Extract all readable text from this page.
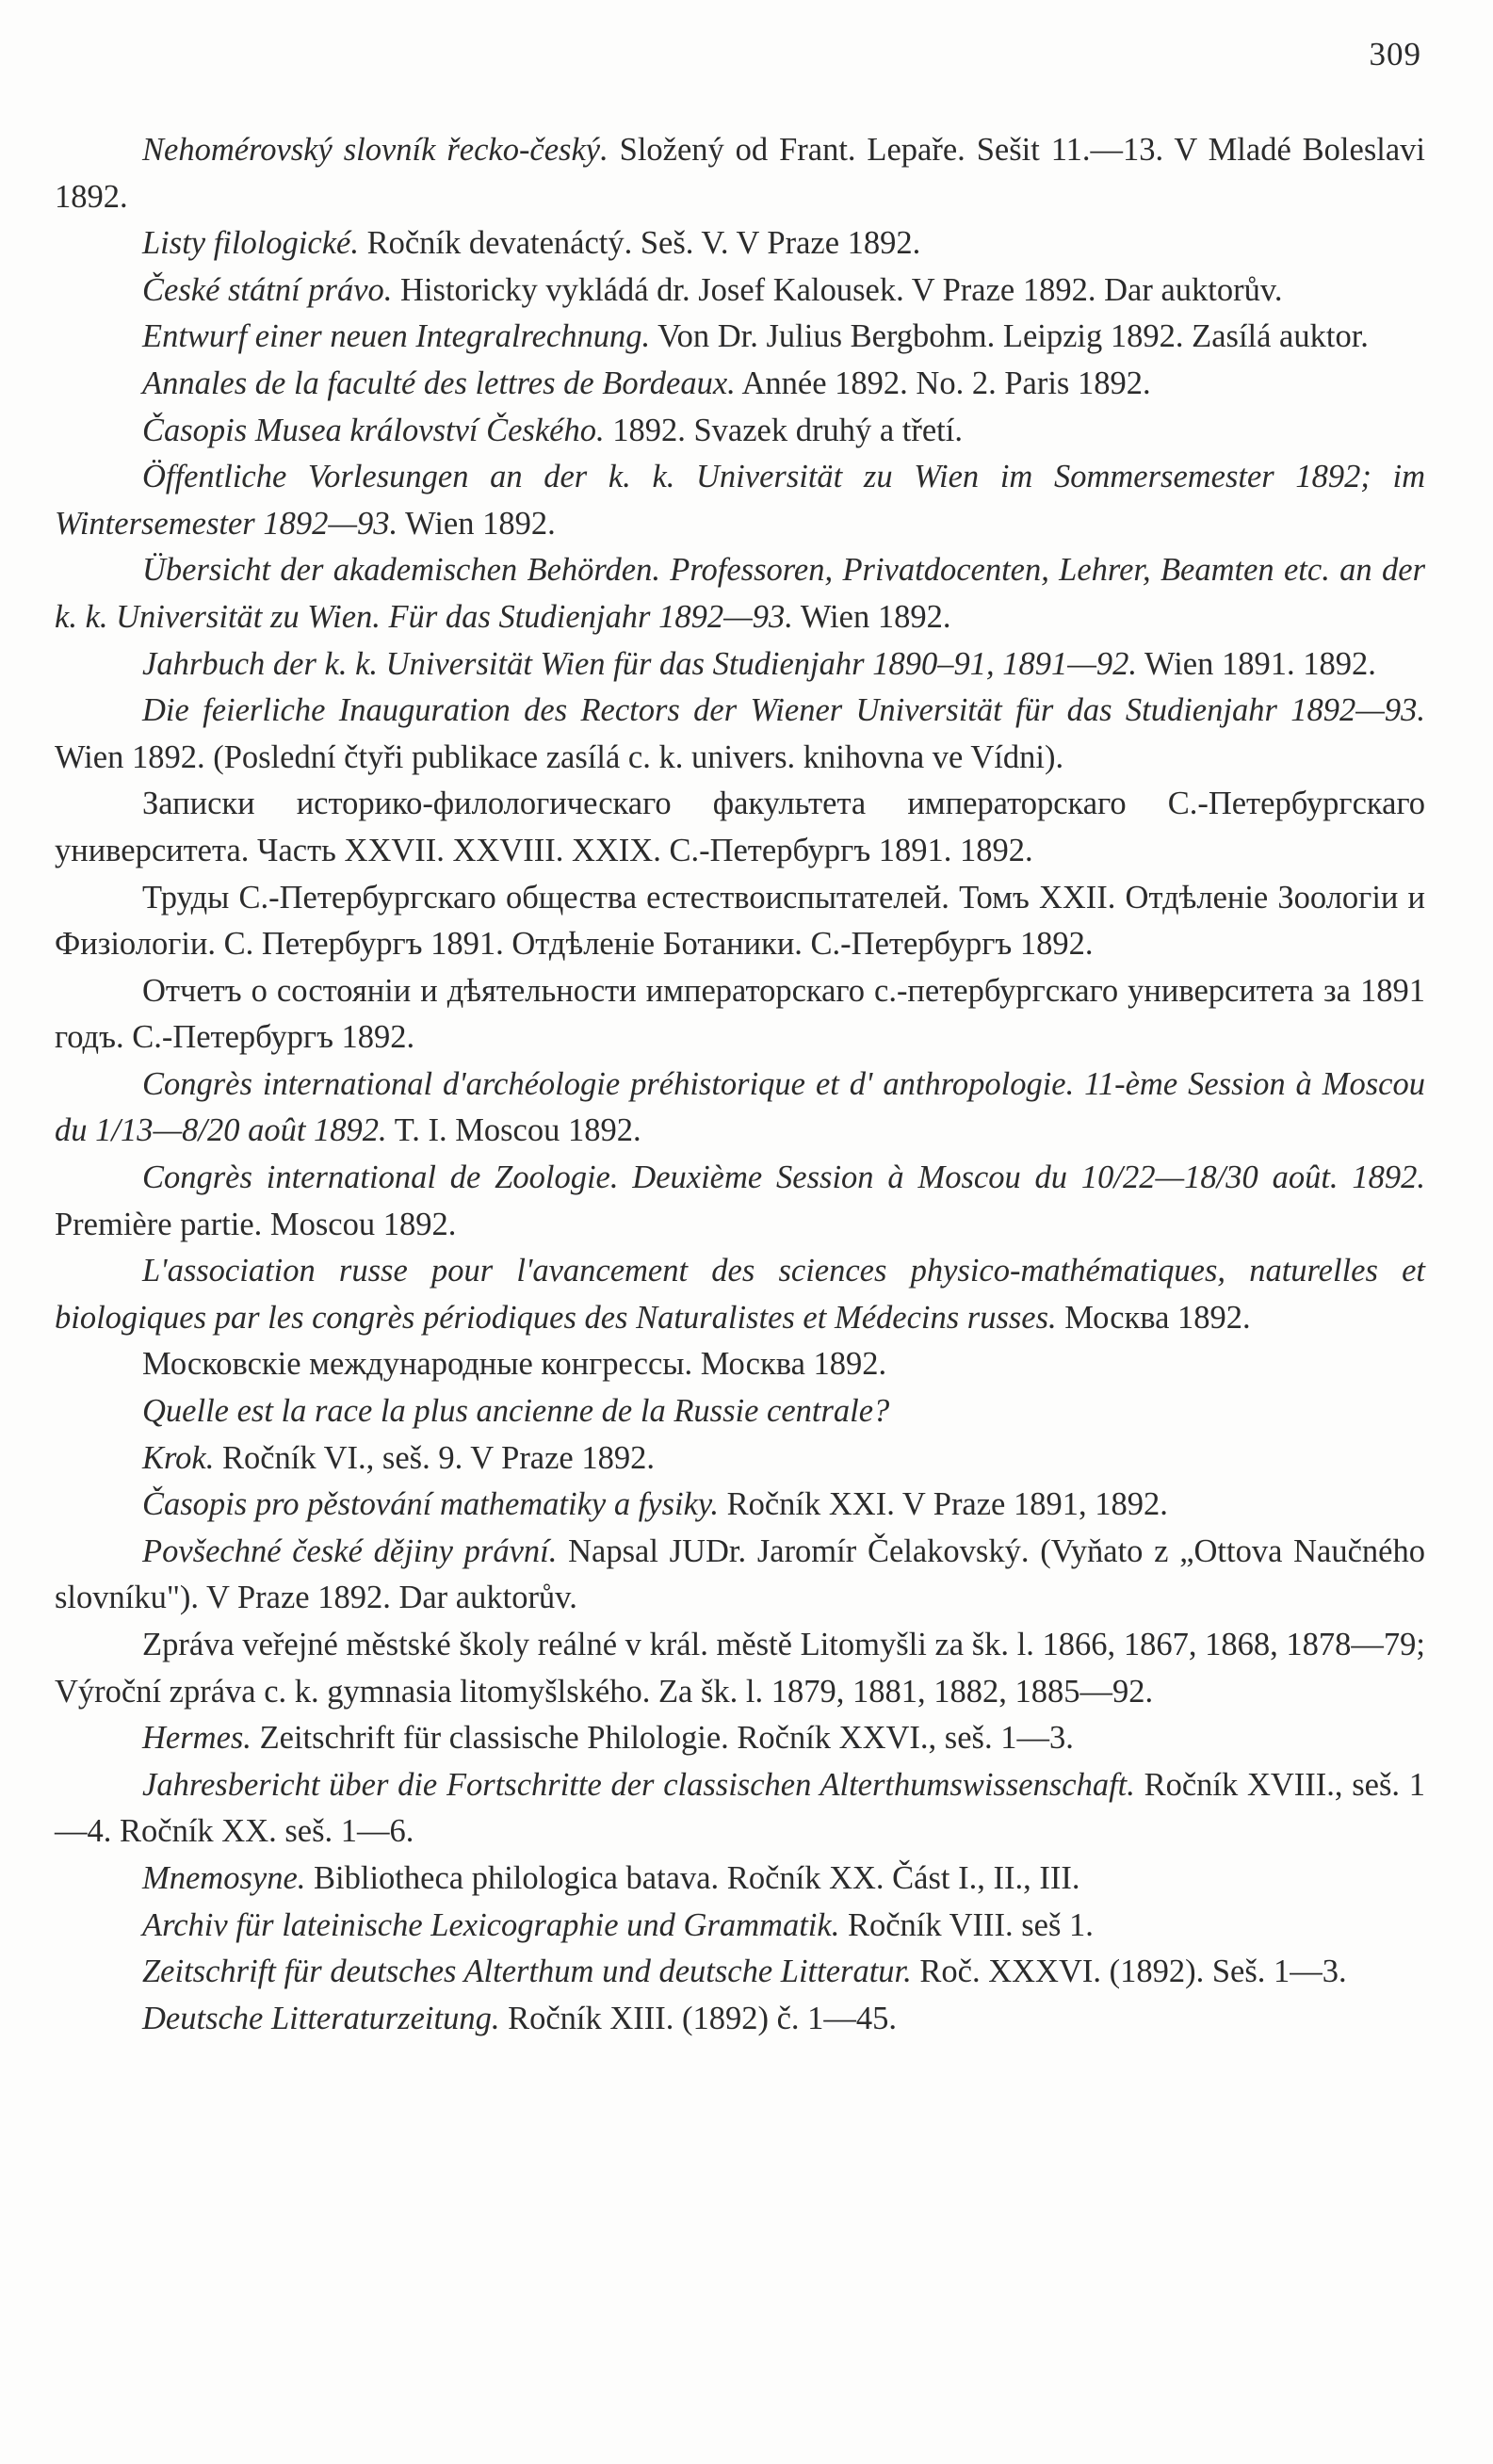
309
Nehomérovský slovník řecko-český. Složený od Frant. Lepaře. Sešit 11.—13. V Mladé Boleslavi 1892.
Listy filologické. Ročník devatenáctý. Seš. V. V Praze 1892.
České státní právo. Historicky vykládá dr. Josef Kalousek. V Praze 1892. Dar auktorův.
Entwurf einer neuen Integralrechnung. Von Dr. Julius Bergbohm. Leipzig 1892. Zasílá auktor.
Annales de la faculté des lettres de Bordeaux. Année 1892. No. 2. Paris 1892.
Časopis Musea království Českého. 1892. Svazek druhý a třetí.
Öffentliche Vorlesungen an der k. k. Universität zu Wien im Sommersemester 1892; im Wintersemester 1892—93. Wien 1892.
Übersicht der akademischen Behörden. Professoren, Privatdocenten, Lehrer, Beamten etc. an der k. k. Universität zu Wien. Für das Studienjahr 1892—93. Wien 1892.
Jahrbuch der k. k. Universität Wien für das Studienjahr 1890–91, 1891—92. Wien 1891. 1892.
Die feierliche Inauguration des Rectors der Wiener Universität für das Studienjahr 1892—93. Wien 1892. (Poslední čtyři publikace zasílá c. k. univers. knihovna ve Vídni).
Записки историко-филологическаго факультета императорскаго С.-Петербургскаго университета. Часть XXVII. XXVIII. XXIX. С.-Петербургъ 1891. 1892.
Труды С.-Петербургскаго общества естествоиспытателей. Томъ XXII. Отдѣленіе Зоологіи и Физіологіи. С. Петербургъ 1891. Отдѣленіе Ботаники. С.-Петербургъ 1892.
Отчетъ о состояніи и дѣятельности императорскаго с.-петербургскаго университета за 1891 годъ. С.-Петербургъ 1892.
Congrès international d'archéologie préhistorique et d' anthropologie. 11-ème Session à Moscou du 1/13—8/20 août 1892. T. I. Moscou 1892.
Congrès international de Zoologie. Deuxième Session à Moscou du 10/22—18/30 août. 1892. Première partie. Moscou 1892.
L'association russe pour l'avancement des sciences physico-mathématiques, naturelles et biologiques par les congrès périodiques des Naturalistes et Médecins russes. Москва 1892.
Московскіе международные конгрессы. Москва 1892.
Quelle est la race la plus ancienne de la Russie centrale?
Krok. Ročník VI., seš. 9. V Praze 1892.
Časopis pro pěstování mathematiky a fysiky. Ročník XXI. V Praze 1891, 1892.
Povšechné české dějiny právní. Napsal JUDr. Jaromír Čelakovský. (Vyňato z „Ottova Naučného slovníku"). V Praze 1892. Dar auktorův.
Zpráva veřejné městské školy reálné v král. městě Litomyšli za šk. l. 1866, 1867, 1868, 1878—79; Výroční zpráva c. k. gymnasia litomyšlského. Za šk. l. 1879, 1881, 1882, 1885—92.
Hermes. Zeitschrift für classische Philologie. Ročník XXVI., seš. 1—3.
Jahresbericht über die Fortschritte der classischen Alterthumswissenschaft. Ročník XVIII., seš. 1—4. Ročník XX. seš. 1—6.
Mnemosyne. Bibliotheca philologica batava. Ročník XX. Část I., II., III.
Archiv für lateinische Lexicographie und Grammatik. Ročník VIII. seš 1.
Zeitschrift für deutsches Alterthum und deutsche Litteratur. Roč. XXXVI. (1892). Seš. 1—3.
Deutsche Litteraturzeitung. Ročník XIII. (1892) č. 1—45.
